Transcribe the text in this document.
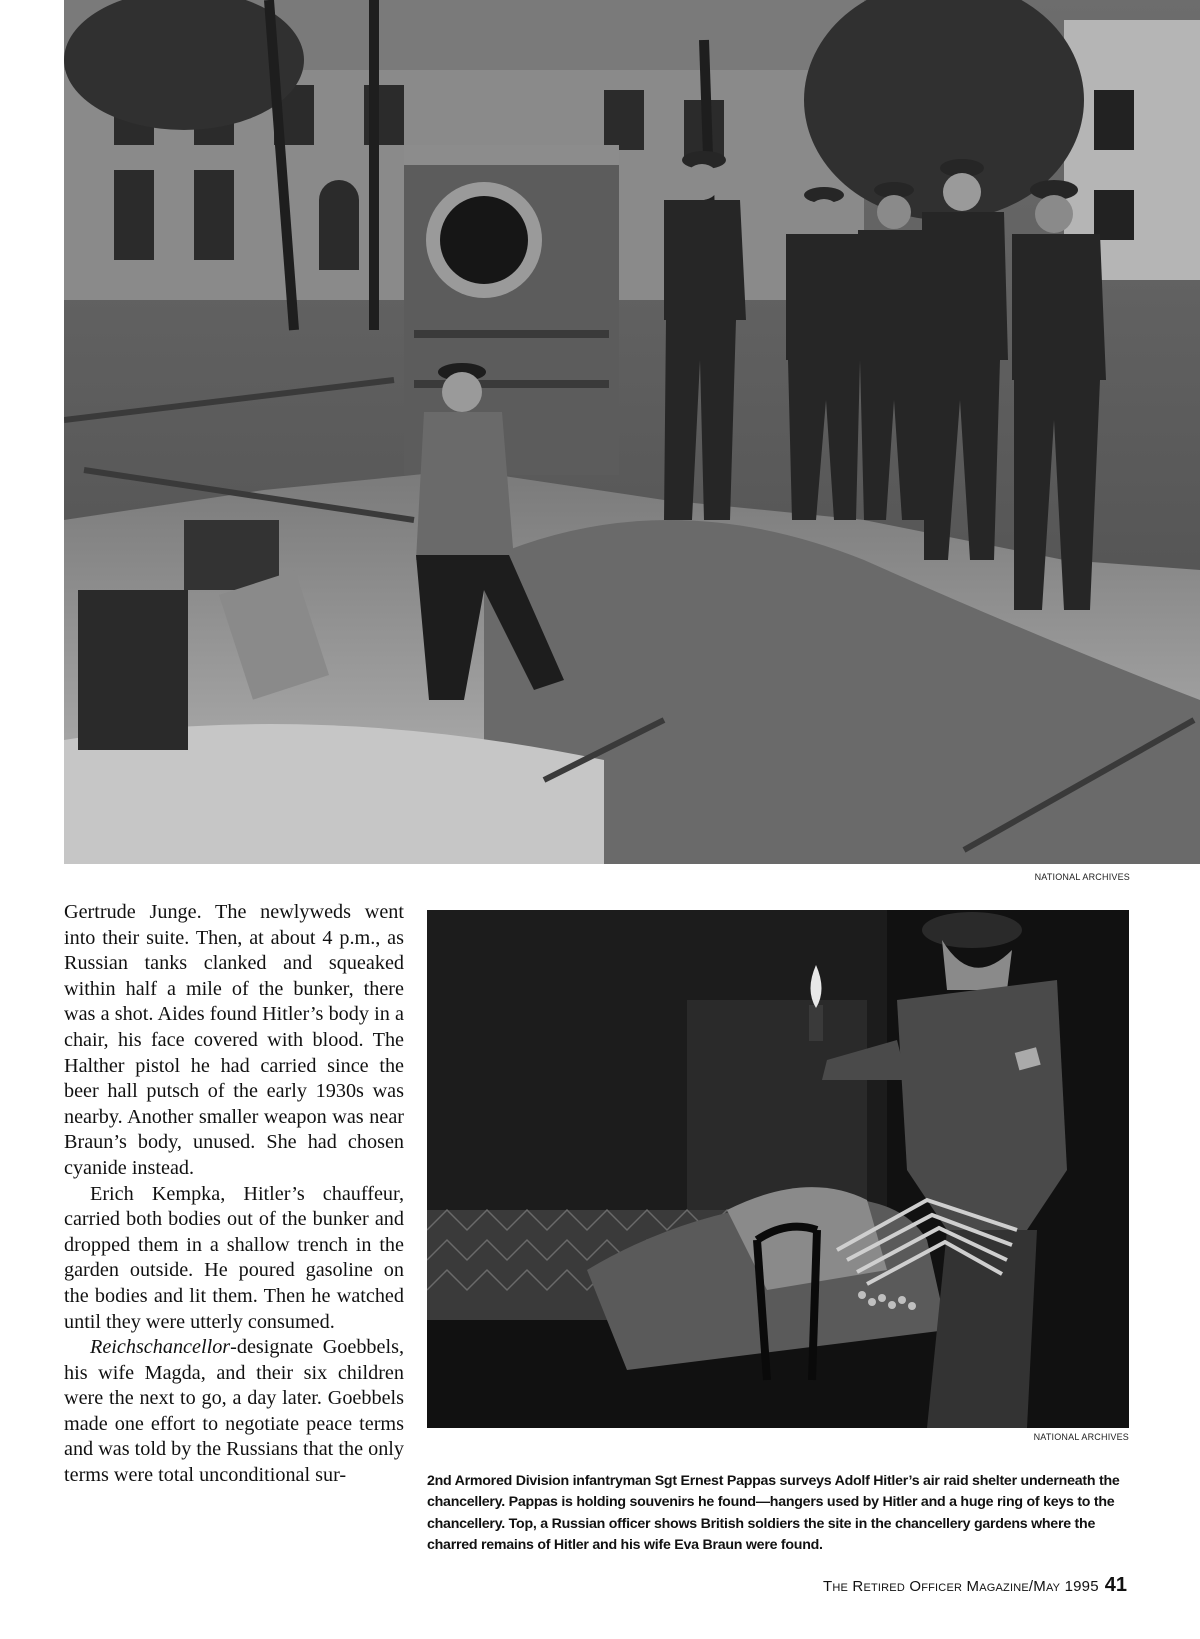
NATIONAL ARCHIVES

Gertrude Junge. The newlyweds went into their suite. Then, at about 4 p.m., as Russian tanks clanked and squeaked within half a mile of the bunker, there was a shot. Aides found Hitler’s body in a chair, his face covered with blood. The Halther pistol he had carried since the beer hall putsch of the early 1930s was nearby. Another smaller weapon was near Braun’s body, unused. She had chosen cyanide instead.

Erich Kempka, Hitler’s chauffeur, carried both bodies out of the bunker and dropped them in a shallow trench in the garden outside. He poured gasoline on the bodies and lit them. Then he watched until they were utterly consumed.

Reichschancellor-designate Goebbels, his wife Magda, and their six children were the next to go, a day later. Goebbels made one effort to negotiate peace terms and was told by the Russians that the only terms were total unconditional sur-

NATIONAL ARCHIVES
2nd Armored Division infantryman Sgt Ernest Pappas surveys Adolf Hitler’s air raid shelter underneath the chancellery. Pappas is holding souvenirs he found—hangers used by Hitler and a huge ring of keys to the chancellery. Top, a Russian officer shows British soldiers the site in the chancellery gardens where the charred remains of Hitler and his wife Eva Braun were found.
The Retired Officer Magazine/May 1995 41
